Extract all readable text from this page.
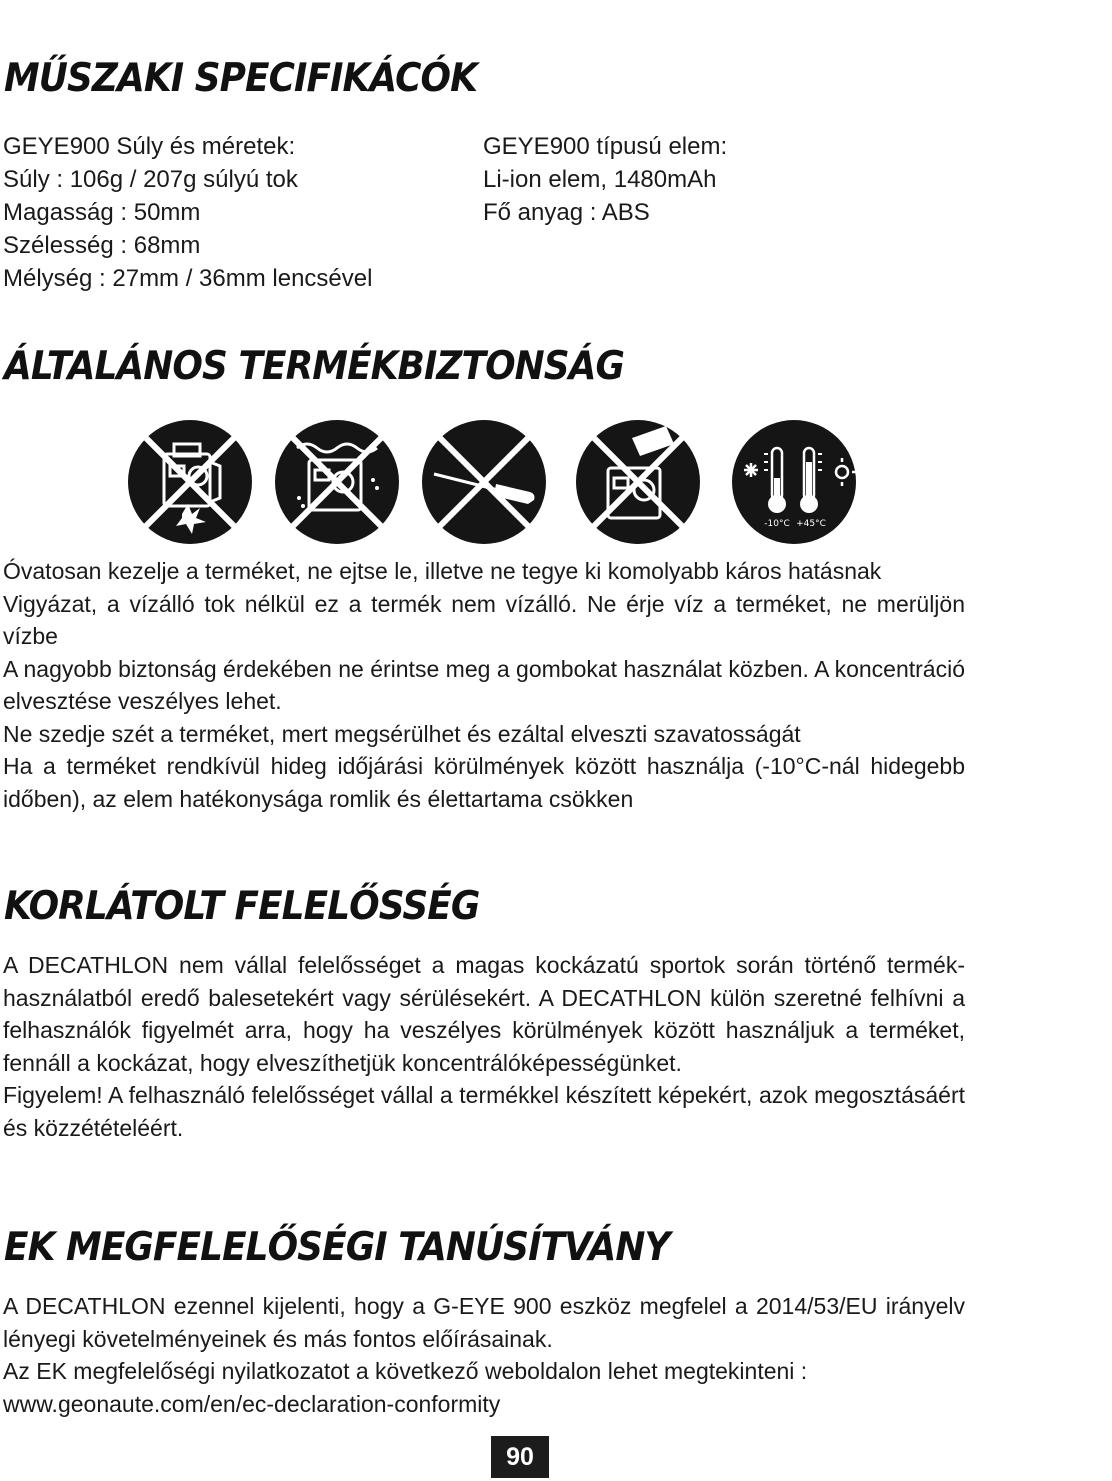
MŰSZAKI SPECIFIKÁCÓK
GEYE900 Súly és méretek:
Súly : 106g / 207g súlyú tok
Magasság : 50mm
Szélesség : 68mm
Mélység : 27mm / 36mm lencsével
GEYE900 típusú elem:
Li-ion elem, 1480mAh
Fő anyag : ABS
ÁLTALÁNOS TERMÉKBIZTONSÁG
-10°C +45°C

Óvatosan kezelje a terméket, ne ejtse le, illetve ne tegye ki komolyabb káros hatásnak

Vigyázat, a vízálló tok nélkül ez a termék nem vízálló. Ne érje víz a terméket, ne merüljön vízbe

A nagyobb biztonság érdekében ne érintse meg a gombokat használat közben. A koncentráció elvesztése veszélyes lehet.

Ne szedje szét a terméket, mert megsérülhet és ezáltal elveszti szavatosságát

Ha a terméket rendkívül hideg időjárási körülmények között használja (-10°C-nál hidegebb időben), az elem hatékonysága romlik és élettartama csökken

KORLÁTOLT FELELŐSSÉG

A DECATHLON nem vállal felelősséget a magas kockázatú sportok során történő termék- használatból eredő balesetekért vagy sérülésekért. A DECATHLON külön szeretné felhívni a felhasználók figyelmét arra, hogy ha veszélyes körülmények között használjuk a terméket, fennáll a kockázat, hogy elveszíthetjük koncentrálóképességünket.

Figyelem! A felhasználó felelősséget vállal a termékkel készített képekért, azok megosztásáért és közzétételéért.

EK MEGFELELŐSÉGI TANÚSÍTVÁNY

A DECATHLON ezennel kijelenti, hogy a G-EYE 900 eszköz megfelel a 2014/53/EU irányelv lényegi követelményeinek és más fontos előírásainak.

Az EK megfelelőségi nyilatkozatot a következő weboldalon lehet megtekinteni :

www.geonaute.com/en/ec-declaration-conformity

90
